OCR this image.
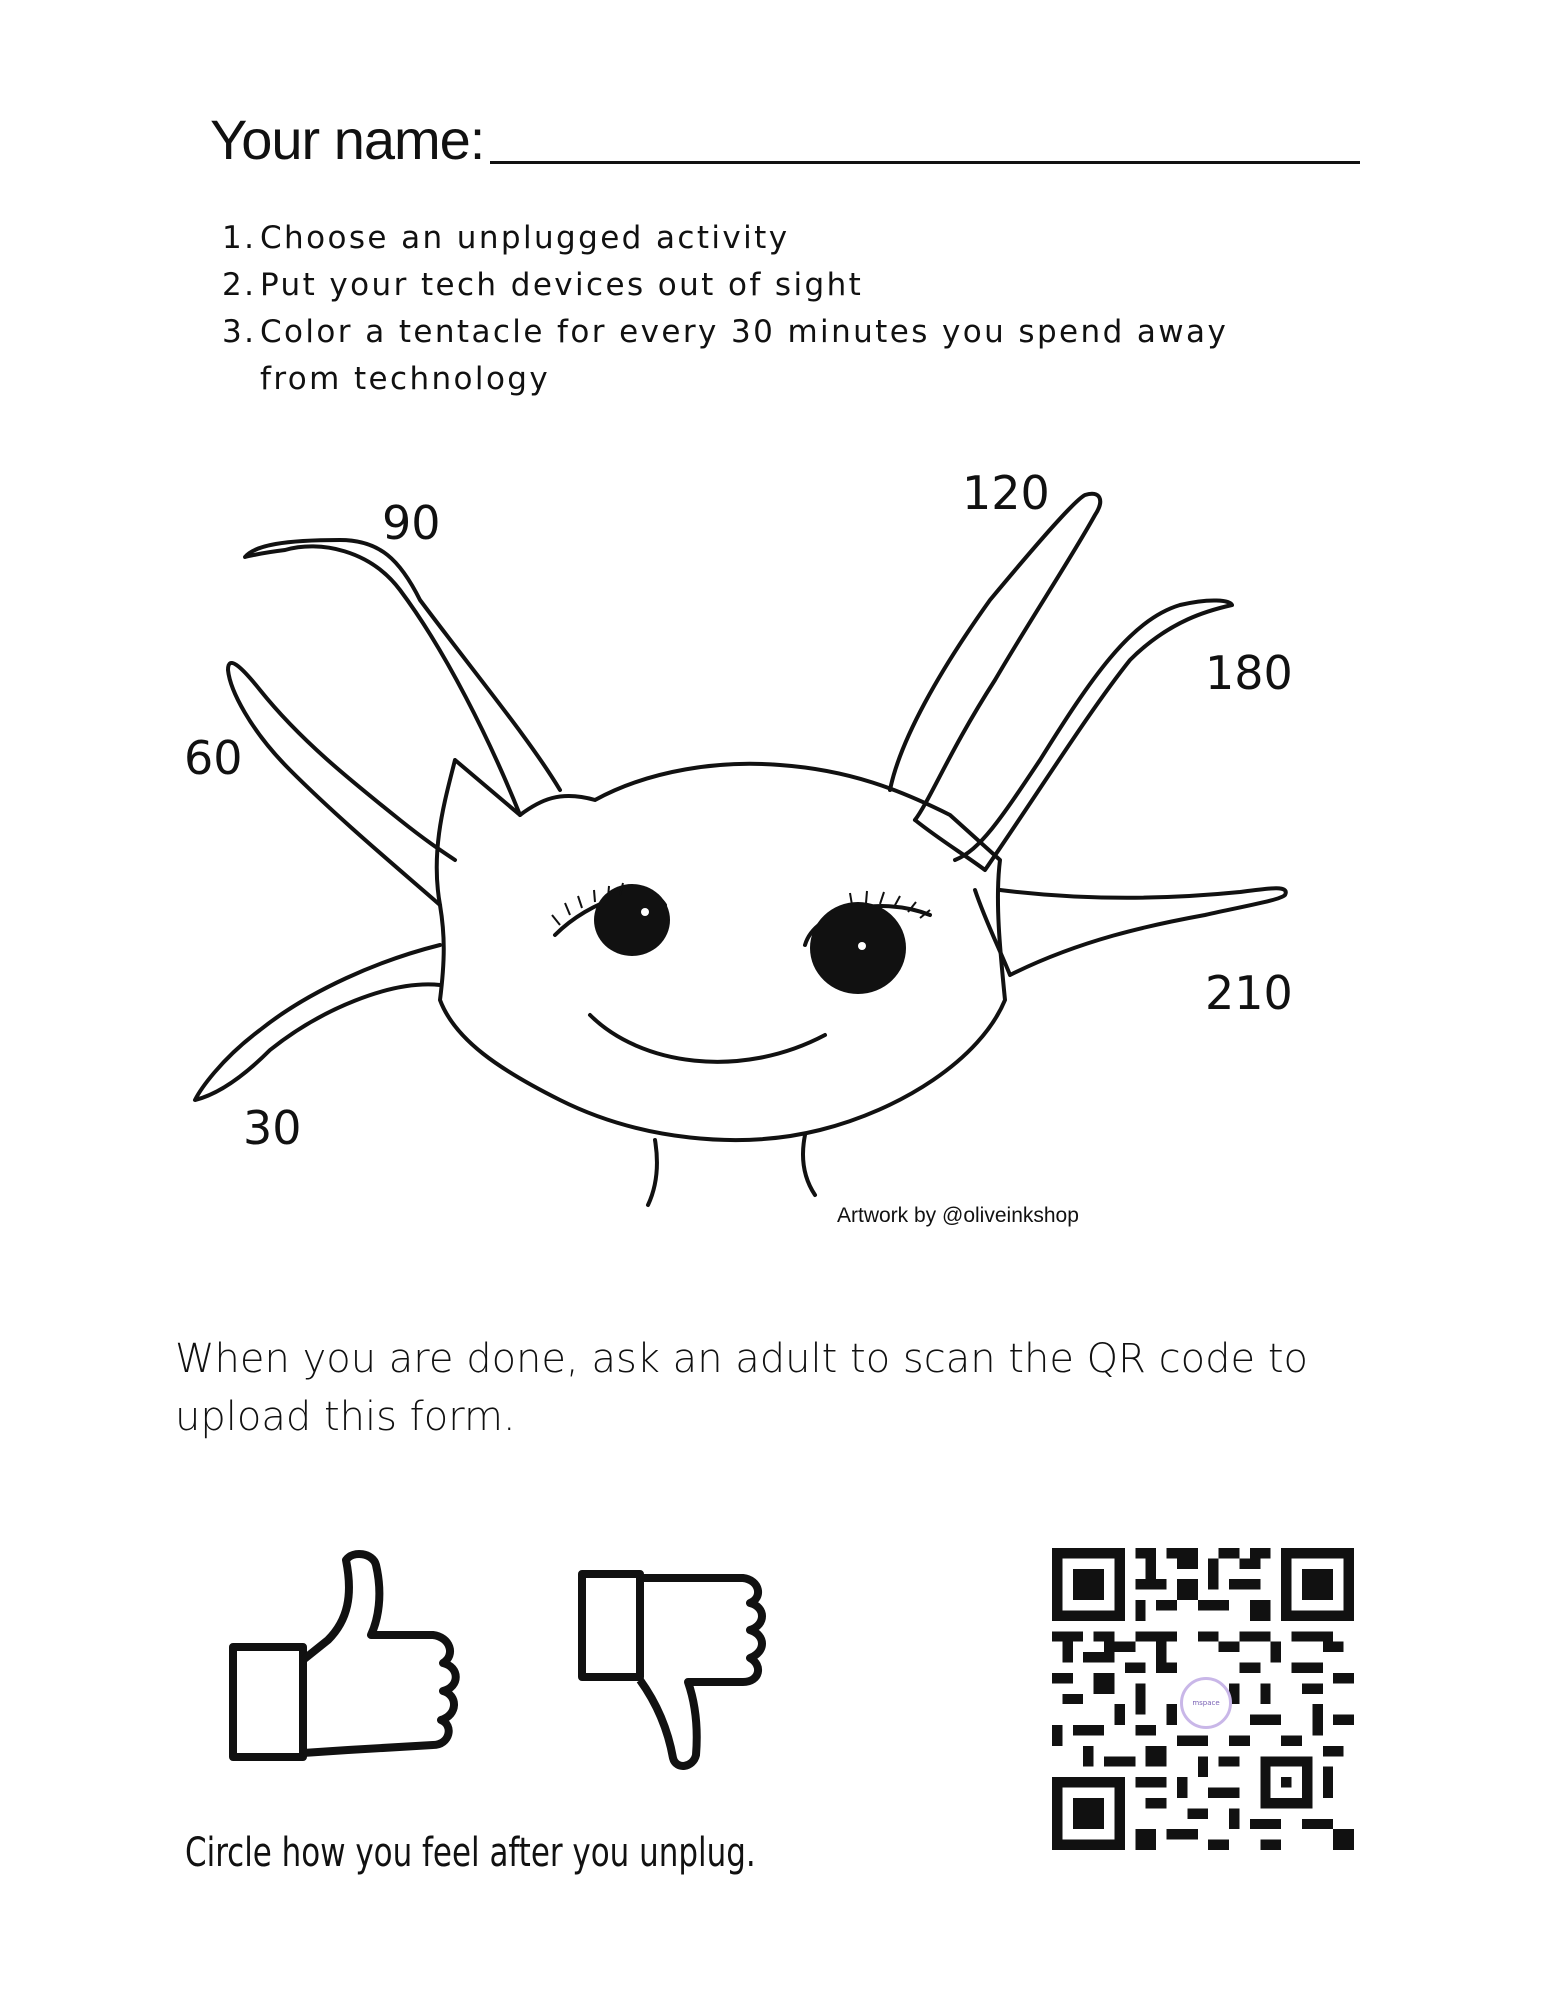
Your name:
1. Choose an unplugged activity
2. Put your tech devices out of sight
3. Color a tentacle for every 30 minutes you spend away from technology
90
120
180
60
210
30
Artwork by @oliveinkshop
When you are done, ask an adult to scan the QR code to upload this form.
Circle how you feel after you unplug.
mspace
